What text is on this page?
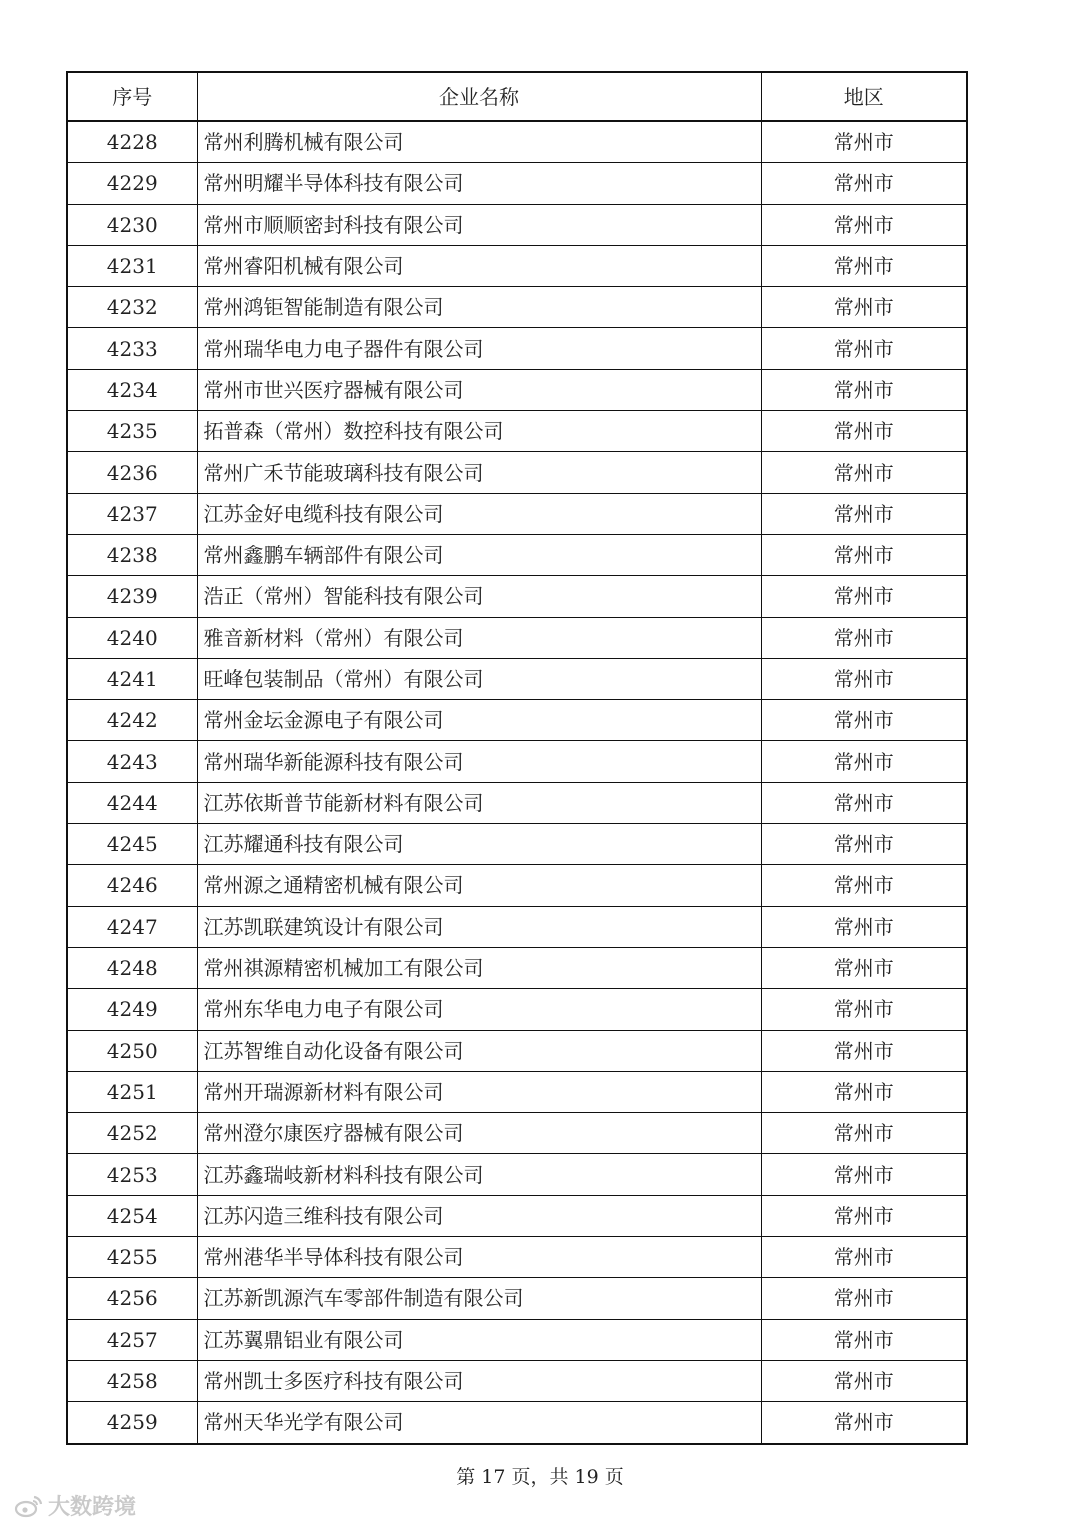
序号	企业名称	地区
4228	常州利腾机械有限公司	常州市
4229	常州明耀半导体科技有限公司	常州市
4230	常州市顺顺密封科技有限公司	常州市
4231	常州睿阳机械有限公司	常州市
4232	常州鸿钜智能制造有限公司	常州市
4233	常州瑞华电力电子器件有限公司	常州市
4234	常州市世兴医疗器械有限公司	常州市
4235	拓普森（常州）数控科技有限公司	常州市
4236	常州广禾节能玻璃科技有限公司	常州市
4237	江苏金好电缆科技有限公司	常州市
4238	常州鑫鹏车辆部件有限公司	常州市
4239	浩正（常州）智能科技有限公司	常州市
4240	雅音新材料（常州）有限公司	常州市
4241	旺峰包装制品（常州）有限公司	常州市
4242	常州金坛金源电子有限公司	常州市
4243	常州瑞华新能源科技有限公司	常州市
4244	江苏依斯普节能新材料有限公司	常州市
4245	江苏耀通科技有限公司	常州市
4246	常州源之通精密机械有限公司	常州市
4247	江苏凯联建筑设计有限公司	常州市
4248	常州祺源精密机械加工有限公司	常州市
4249	常州东华电力电子有限公司	常州市
4250	江苏智维自动化设备有限公司	常州市
4251	常州开瑞源新材料有限公司	常州市
4252	常州澄尔康医疗器械有限公司	常州市
4253	江苏鑫瑞岐新材料科技有限公司	常州市
4254	江苏闪造三维科技有限公司	常州市
4255	常州港华半导体科技有限公司	常州市
4256	江苏新凯源汽车零部件制造有限公司	常州市
4257	江苏翼鼎铝业有限公司	常州市
4258	常州凯士多医疗科技有限公司	常州市
4259	常州天华光学有限公司	常州市
第 17 页，共 19 页
大数跨境
